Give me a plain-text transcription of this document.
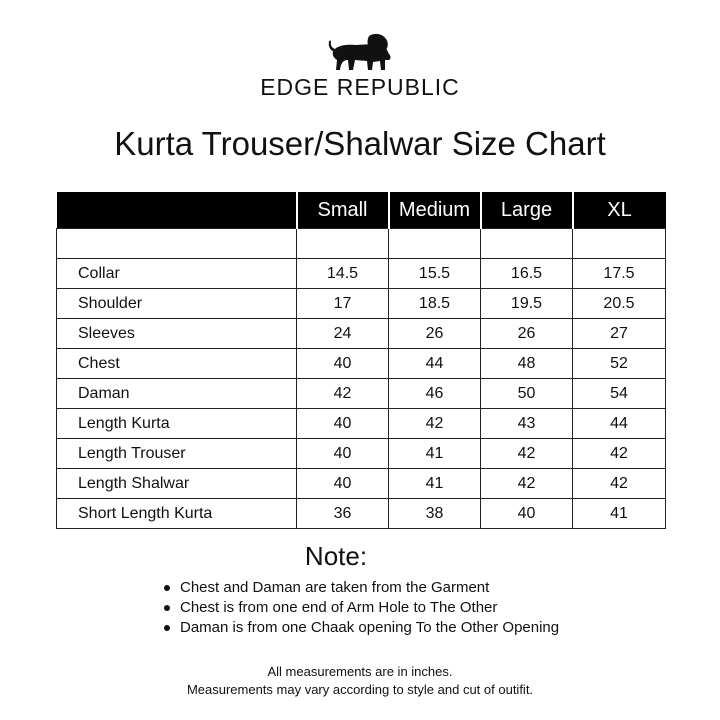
EDGE REPUBLIC
Kurta Trouser/Shalwar Size Chart
	Small	Medium	Large	XL

Collar	14.5	15.5	16.5	17.5
Shoulder	17	18.5	19.5	20.5
Sleeves	24	26	26	27
Chest	40	44	48	52
Daman	42	46	50	54
Length Kurta	40	42	43	44
Length Trouser	40	41	42	42
Length Shalwar	40	41	42	42
Short Length Kurta	36	38	40	41
Note:
Chest and Daman are taken from the Garment
Chest is from one end of Arm Hole to The Other
Daman is from one Chaak opening To the Other Opening
All measurements are in inches.
Measurements may vary according to style and cut of outifit.
